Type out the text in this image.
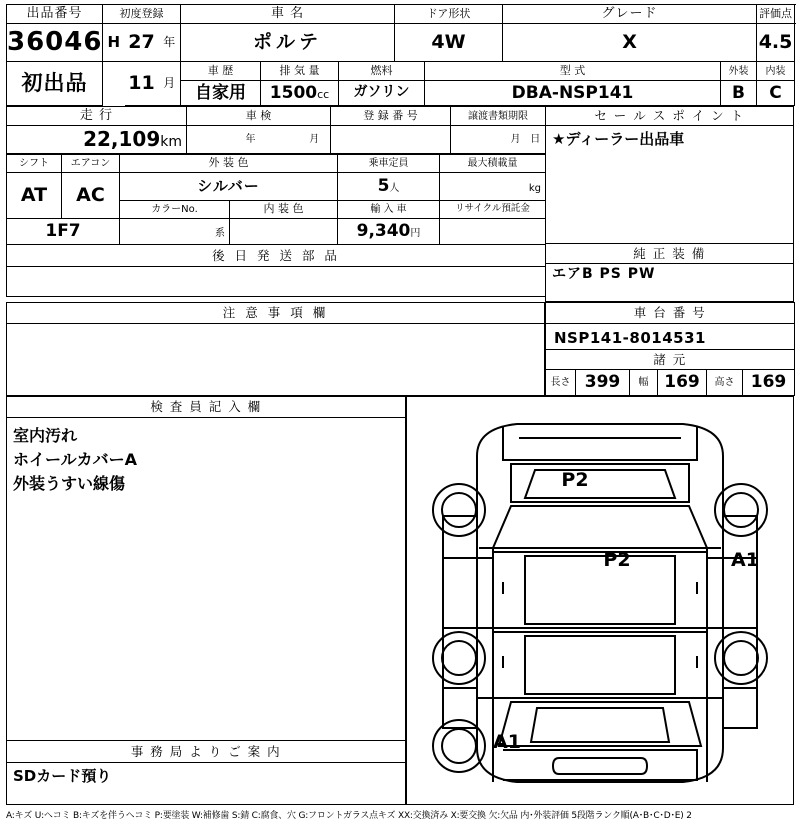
出品番号	初度登録			車 名			ドア形状		グレード		評価点
36046	H	27	年	ポルテ			4W		X		4.5
初出品		11	月	車 歴	排 気 量	燃料		型 式		外装	内装
				自家用	1500cc	ガソリン		DBA-NSP141		B	C
走 行	車 検				登 録 番 号	譲渡書類期限		
22,109km		年		月			月	日
シフト	エアコン	外 装 色		乗車定員	最大積載量
AT	AC	シルバー		5人	kg
		カラーNo.	内 装 色	輸 入 車	リサイクル預託金
1F7		系		9,340円	
後 日 発 送 部 品					

セ ー ル ス ポ イ ン ト
★ディーラー出品車
純 正 装 備
エアB PS PW
注 意 事 項 欄	車 台 番 号
NSP141-8014531
諸 元
長さ	399	幅	169	高さ	169
検 査 員 記 入 欄

室内汚れ
ホイールカバーA
外装うすい線傷

事 務 局 よ り ご 案 内

SDカード預り
P2
P2	A1
A1
A:キズ U:ヘコミ B:キズを伴うヘコミ P:要塗装 W:補修歯 S:錆 C:腐食、穴 G:フロントガラス点キズ XX:交換済み X:要交換 欠:欠品 内･外装評価 5段階ランク順(A･B･C･D･E) 2
